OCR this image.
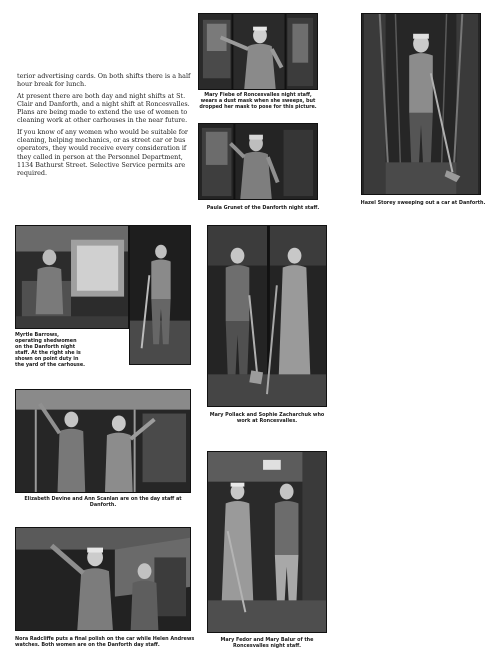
terior advertising cards. On both shifts there is a half hour break for lunch.

At present there are both day and night shifts at St. Clair and Danforth, and a night shift at Roncesvalles. Plans are being made to extend the use of women to cleaning work at other carhouses in the near future.

If you know of any women who would be suitable for cleaning, helping mechanics, or as street car or bus operators, they would receive every consideration if they called in person at the Personnel Department, 1134 Bathurst Street. Selective Service permits are required.

Mary Fiebe of Roncesvalles night staff, wears a dust mask when she sweeps, but dropped her mask to pose for this picture.
Paula Grunet of the Danforth night staff.
Hazel Storey sweeping out a car at Danforth.
Myrtle Barrows, operating shedwomen on the Danforth night staff. At the right she is shown on point duty in the yard of the carhouse.
Mary Pollack and Sophie Zacharchuk who work at Roncesvalles.
Elizabeth Devine and Ann Scanlan are on the day staff at Danforth.
Nora Radcliffe puts a final polish on the car while Helen Andrews watches. Both women are on the Danforth day staff.
Mary Fedor and Mary Balur of the Roncesvalles night staff.
